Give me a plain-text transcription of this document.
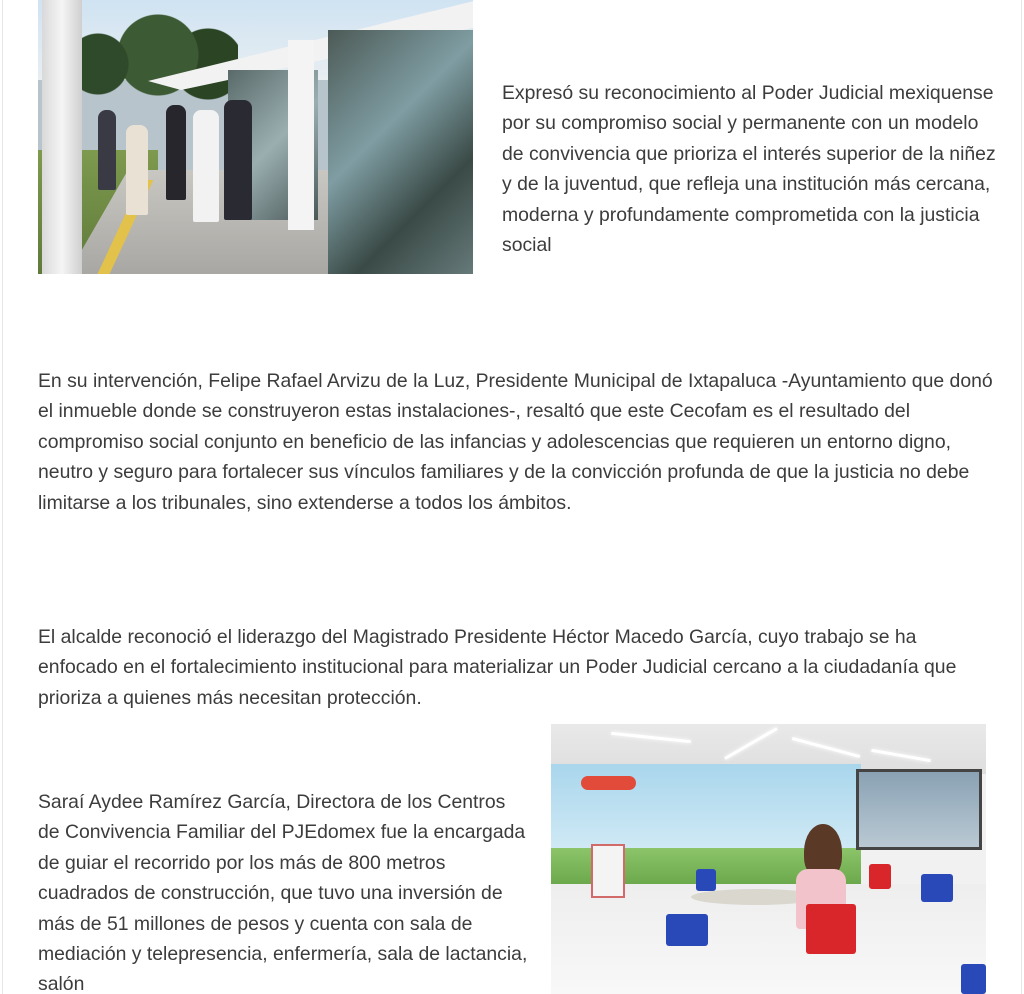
Expresó su reconocimiento al Poder Judicial mexiquense por su compromiso social y permanente con un modelo de convivencia que prioriza el interés superior de la niñez y de la juventud, que refleja una institución más cercana, moderna y profundamente comprometida con la justicia social

En su intervención, Felipe Rafael Arvizu de la Luz, Presidente Municipal de Ixtapaluca -Ayuntamiento que donó el inmueble donde se construyeron estas instalaciones-, resaltó que este Cecofam es el resultado del compromiso social conjunto en beneficio de las infancias y adolescencias que requieren un entorno digno, neutro y seguro para fortalecer sus vínculos familiares y de la convicción profunda de que la justicia no debe limitarse a los tribunales, sino extenderse a todos los ámbitos.

El alcalde reconoció el liderazgo del Magistrado Presidente Héctor Macedo García, cuyo trabajo se ha enfocado en el fortalecimiento institucional para materializar un Poder Judicial cercano a la ciudadanía que prioriza a quienes más necesitan protección.

Saraí Aydee Ramírez García, Directora de los Centros de Convivencia Familiar del PJEdomex fue la encargada de guiar el recorrido por los más de 800 metros cuadrados de construcción, que tuvo una inversión de más de 51 millones de pesos y cuenta con sala de mediación y telepresencia, enfermería, sala de lactancia, salón
